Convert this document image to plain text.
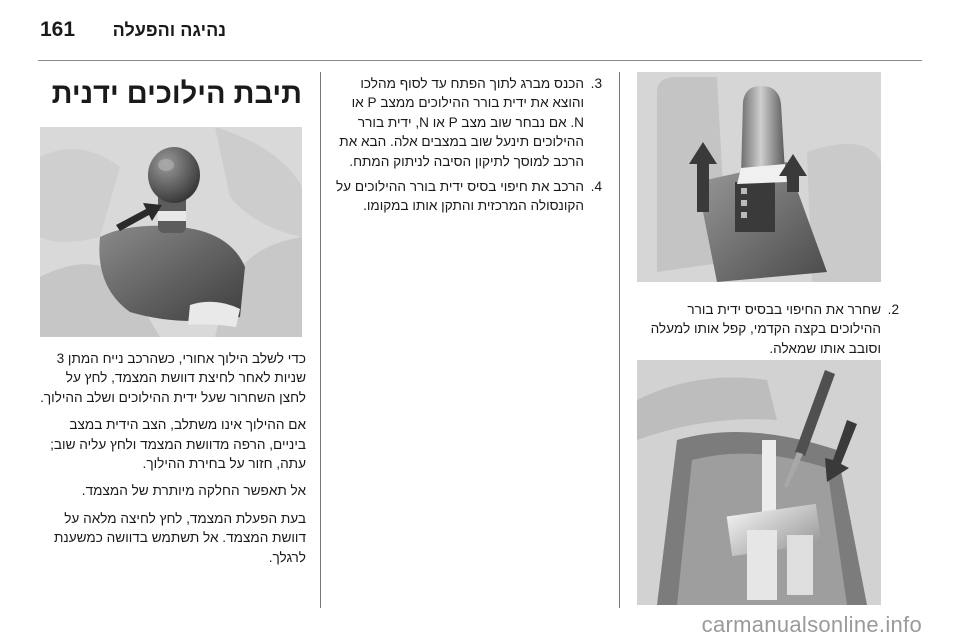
161 נהיגה והפעלה
תיבת הילוכים ידנית

כדי לשלב הילוך אחורי, כשהרכב נייח המתן 3 שניות לאחר לחיצת דוושת המצמד, לחץ על לחצן השחרור שעל ידית ההילוכים ושלב ההילוך.

אם ההילוך אינו משתלב, הצב הידית במצב ביניים, הרפה מדוושת המצמד ולחץ עליה שוב; עתה, חזור על בחירת ההילוך.

אל תאפשר החלקה מיותרת של המצמד.

בעת הפעלת המצמד, לחץ לחיצה מלאה על דוושת המצמד. אל תשתמש בדוושה כמשענת לרגלך.

3.
הכנס מברג לתוך הפתח עד לסוף מהלכו והוצא את ידית בורר ההילוכים ממצב P או N. אם נבחר שוב מצב P או N, ידית בורר ההילוכים תינעל שוב במצבים אלה. הבא את הרכב למוסך לתיקון הסיבה לניתוק המתח.
4.
הרכב את חיפוי בסיס ידית בורר ההילוכים על הקונסולה המרכזית והתקן אותו במקומו.
2.
שחרר את החיפוי בבסיס ידית בורר ההילוכים בקצה הקדמי, קפל אותו למעלה וסובב אותו שמאלה.
carmanualsonline.info
